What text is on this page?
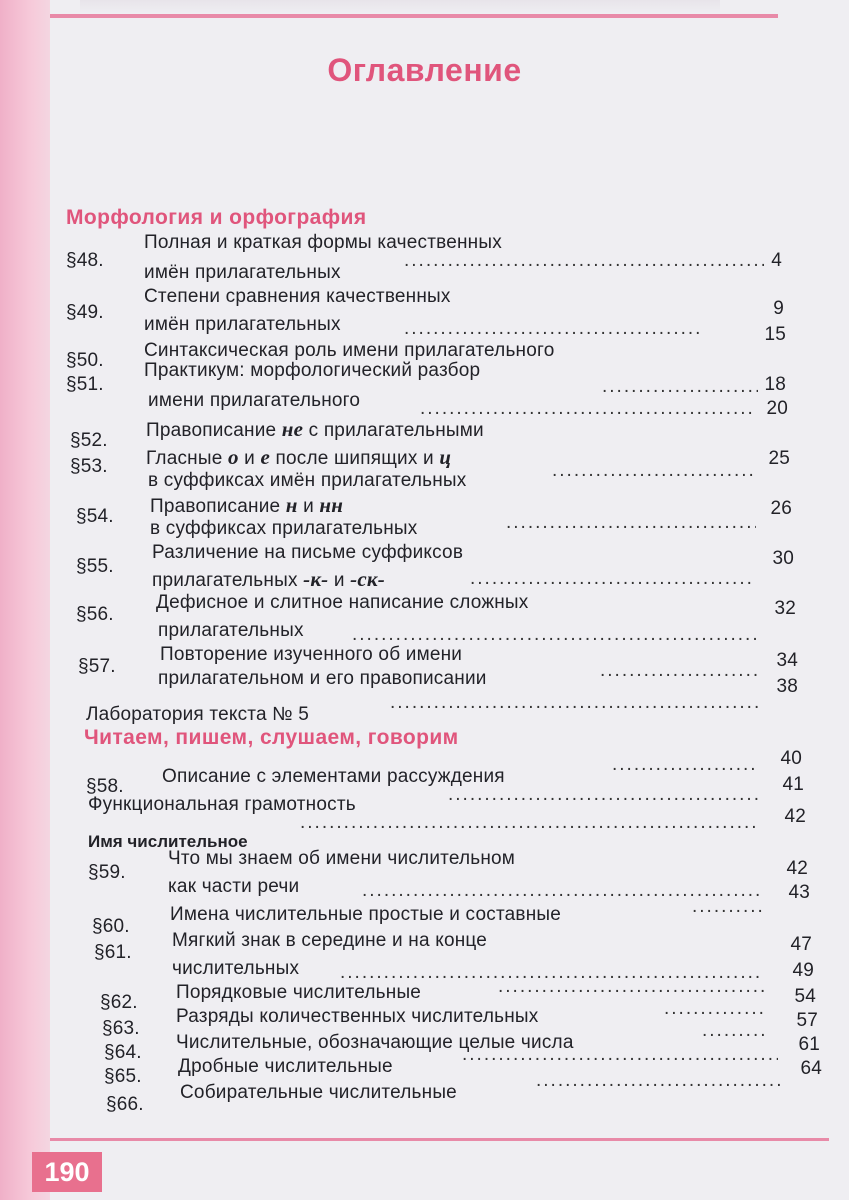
Оглавление
Морфология и орфография
§48.
Полная и краткая формы качественных
имён прилагательных
.....
4
§49.
Степени сравнения качественных
имён прилагательных
.....
9
§50. Синтаксическая роль имени прилагательного
15
§51.
Практикум: морфологический разбор
имени прилагательного
.....
.....
18
§52. Правописание не с прилагательными
20
§53. Гласные о и е после шипящих и ц
в суффиксах имён прилагательных
.....
25
§54. Правописание н и нн
в суффиксах прилагательных
.....
26
§55.
Различение на письме суффиксов
прилагательных -к- и -ск-
.....
30
§56.
Дефисное и слитное написание сложных
прилагательных
.....
32
§57.
Повторение изученного об имени
прилагательном и его правописании
.....
34
Лаборатория текста № 5
.....
38
Читаем, пишем, слушаем, говорим
§58. Описание с элементами рассуждения
.....
40
Функциональная грамотность
.....
41
Имя числительное
.....
42
§59.
Что мы знаем об имени числительном
как части речи
.....
42
§60.
Имена числительные простые и составные
.....
43
§61.
Мягкий знак в середине и на конце
числительных
.....
47
§62. Порядковые числительные
.....
49
§63.
Разряды количественных числительных
.....
54
§64. Числительные, обозначающие целые числа
.....
57
§65. Дробные числительные
.....
61
§66.
Собирательные числительные
.....
64
190
